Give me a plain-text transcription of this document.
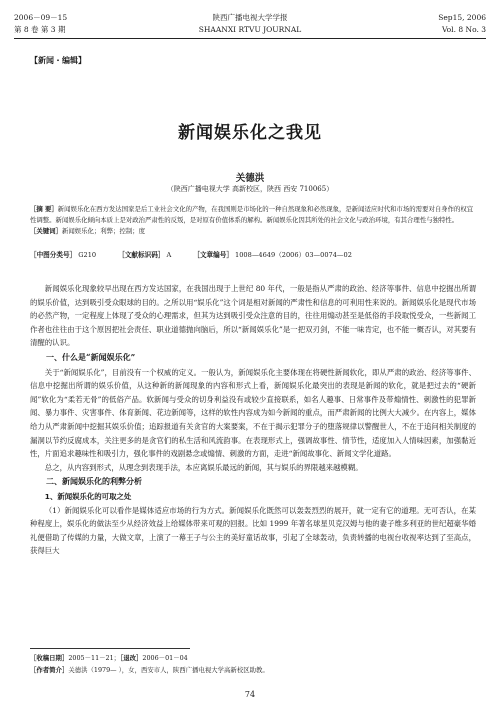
2006－09－15
第 8 卷 第 3 期
陕西广播电视大学学报
SHAANXI RTVU JOURNAL
Sep15, 2006
Vol. 8 No. 3
【新闻・编辑】
新闻娱乐化之我见
关德洪
（陕西广播电视大学 高新校区，陕西 西安 710065）
［摘 要］新闻娱乐化在西方发达国家是后工业社会文化的产物，在我国则是市场化的一种自然现象和必然现象，是新闻适应时代和市场的需要对自身作的权宜性调整。新闻娱乐化倾向本质上是对政治严肃性的反叛，是对原有价值体系的解构。新闻娱乐化因其所处的社会文化与政治环境，有其合理性与独特性。
［关键词］新闻娱乐化；利弊；控制；度
［中图分类号］ G210	［文献标识码］ A	［文章编号］ 1008—4649（2006）03—0074—02

新闻娱乐化现象较早出现在西方发达国家，在我国出现于上世纪 80 年代，一般是指从严肃的政治、经济等事件、信息中挖掘出所谓的娱乐价值，达到吸引受众眼球的目的。之所以用“娱乐化”这个词是相对新闻的严肃性和信息的可利用性来说的。新闻娱乐化是现代市场的必然产物，一定程度上体现了受众的心理需求，但其为达到吸引受众注意的目的，往往用煽动甚至是低俗的手段取悦受众，一些新闻工作者也往往由于这个原因把社会责任、职业道德抛向脑后，所以“新闻娱乐化”是一把双刃剑，不能一味肯定，也不能一概否认，对其要有清醒的认识。

一、什么是“新闻娱乐化”

关于“新闻娱乐化”，目前没有一个权威的定义。一般认为，新闻娱乐化主要体现在将硬性新闻软化，即从严肃的政治、经济等事件、信息中挖掘出所谓的娱乐价值，从这种新的新闻现象的内容和形式上看，新闻娱乐化最突出的表现是新闻的软化，就是把过去的“硬新闻”软化为“柔若无骨”的低俗产品。软新闻与受众的切身利益没有或较少直接联系，如名人趣事、日常事件及带煽情性、刺激性的犯罪新闻、暴力事件、灾害事件、体育新闻、花边新闻等，这样的软性内容成为如今新闻的重点，而严肃新闻的比例大大减少。在内容上，媒体给力从严肃新闻中挖掘其娱乐价值；追踪报道有关贪官的大案要案，不在于揭示犯罪分子的堕落规律以警醒世人，不在于追问相关制度的漏洞以节约反腐成本，关注更多的是贪官们的私生活和风流韵事。在表现形式上，强调故事性、情节性，适度加入人情味因素，加强黏近性，片面追求趣味性和吸引力，强化事件的戏剧悬念或煽情、刺激的方面，走进“新闻故事化、新闻文学化道路。

总之，从内容到形式，从理念到表现手法，本应离娱乐最远的新闻，其与娱乐的界限越来越模糊。

二、新闻娱乐化的利弊分析
1、新闻娱乐化的可取之处

（1）新闻娱乐化可以看作是媒体适应市场的行为方式。新闻娱乐化既然可以轰轰烈烈的展开，就一定有它的道理。无可否认，在某种程度上，娱乐化的做法至少从经济效益上给媒体带来可观的回报。比如 1999 年著名球星贝克汉姆与他的妻子维多利亚的世纪超豪华婚礼便借助了传媒的力量，大做文章，上演了一幕王子与公主的美好童话故事，引起了全球轰动，负责转播的电视台收视率达到了至高点，获得巨大

［收稿日期］2005－11－21；［退改］2006－01－04
［作者简介］关德洪（1979— ），女，西安市人，陕西广播电视大学高新校区助教。
74
